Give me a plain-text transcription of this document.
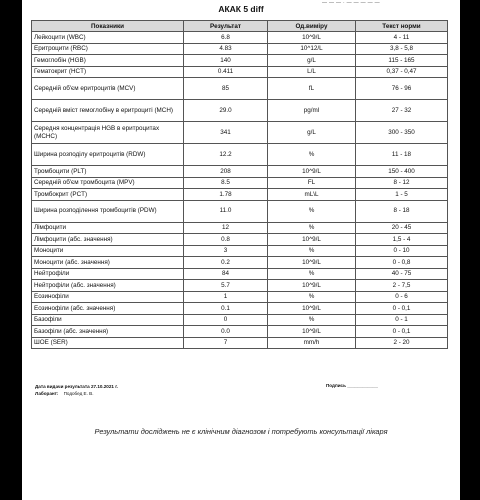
— — — · — — — — —
АКАК 5 diff
Показники	Результат	Од.виміру	Текст норми
Лейкоцити (WBC)	6.8	10^9/L	4 - 11
Еритроцити (RBC)	4.83	10^12/L	3,8 - 5,8
Гемоглобін (HGB)	140	g/L	115 - 165
Гематокрит (HCT)	0.411	L/L	0,37 - 0,47
Середній об'єм еритроцитів (MCV)	85	fL	76 - 96
Середній вміст гемоглобіну в еритроциті (MCH)	29.0	pg/ml	27 - 32
Середня концентрація HGB в еритроцитах (MCHC)	341	g/L	300 - 350
Ширина розподілу еритроцитів (RDW)	12.2	%	11 - 18
Тромбоцити (PLT)	208	10^9/L	150 - 400
Середній об'єм тромбоцита (MPV)	8.5	FL	8 - 12
Тромбокрит (PCT)	1.78	mL\L	1 - 5
Ширина розподілення тромбоцитів (PDW)	11.0	%	8 - 18
Лімфоцити	12	%	20 - 45
Лімфоцити (абс. значення)	0.8	10^9/L	1,5 - 4
Моноцити	3	%	0 - 10
Моноцити (абс. значення)	0.2	10^9/L	0 - 0,8
Нейтрофіли	84	%	40 - 75
Нейтрофіли (абс. значення)	5.7	10^9/L	2 - 7,5
Еозинофіли	1	%	0 - 6
Еозинофіли (абс. значення)	0.1	10^9/L	0 - 0,1
Базофіли	0	%	0 - 1
Базофіли (абс. значення)	0.0	10^9/L	0 - 0,1
ШОЕ (SER)	7	mm/h	2 - 20
Дата видачи результата 27.10.2021 г.
Лаборант: Подобед Е. В.
Подпись ____________
Результати досліджень не є клінічним діагнозом і потребують консультації лікаря
